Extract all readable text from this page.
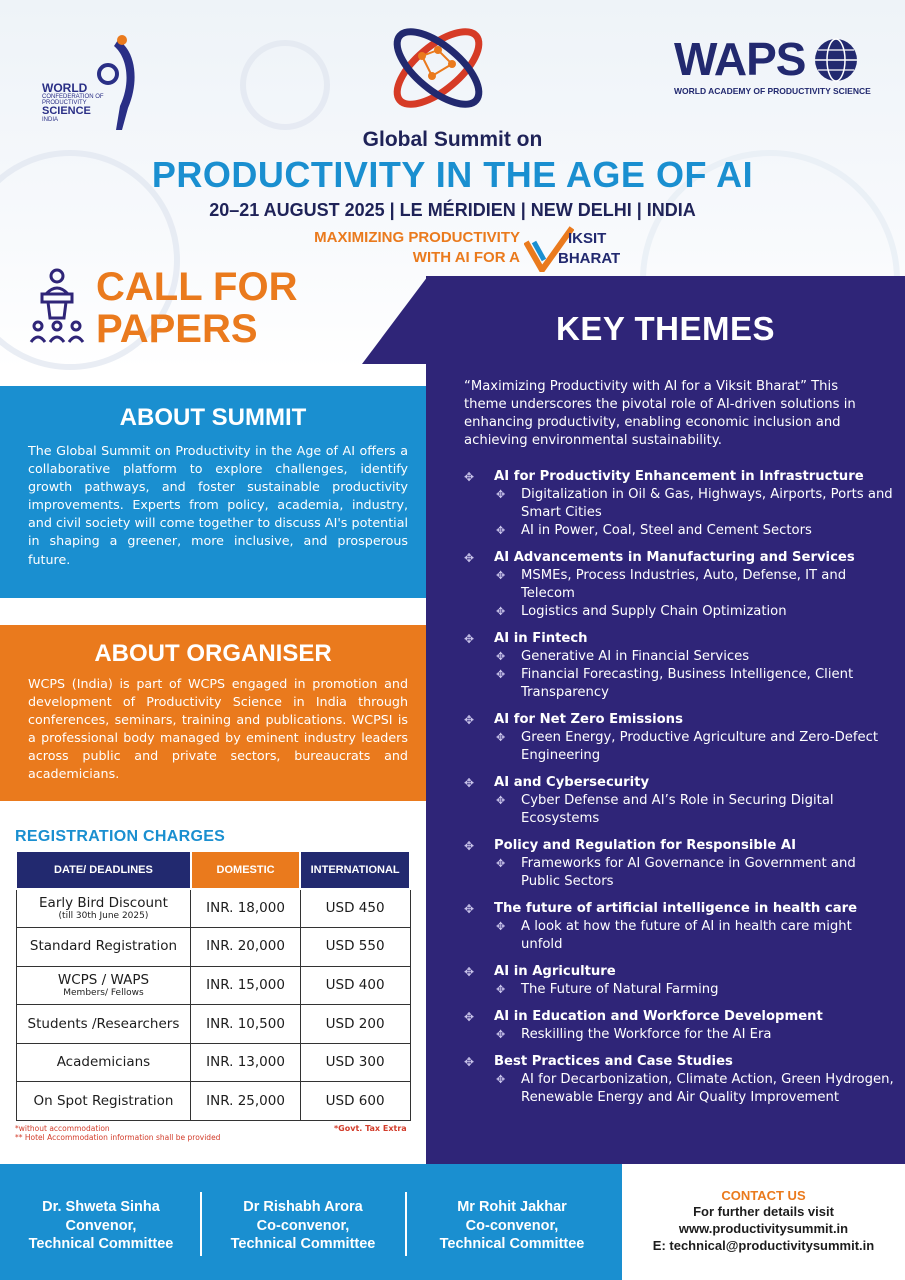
WORLD
CONFEDERATION OF
PRODUCTIVITY
SCIENCE
INDIA
WAPS
WORLD ACADEMY OF PRODUCTIVITY SCIENCE
Global Summit on
PRODUCTIVITY IN THE AGE OF AI
20–21 AUGUST 2025 | LE MÉRIDIEN | NEW DELHI | INDIA
MAXIMIZING PRODUCTIVITY
WITH AI FOR A
IKSIT
BHARAT
CALL FOR
PAPERS	KEY THEMES
“Maximizing Productivity with AI for a Viksit Bharat” This theme underscores the pivotal role of AI-driven solutions in enhancing productivity, enabling economic inclusion and achieving environmental sustainability.
✥ AI for Productivity Enhancement in Infrastructure
✥ Digitalization in Oil & Gas, Highways, Airports, Ports and Smart Cities
✥ AI in Power, Coal, Steel and Cement Sectors
✥ AI Advancements in Manufacturing and Services
✥ MSMEs, Process Industries, Auto, Defense, IT and Telecom
✥ Logistics and Supply Chain Optimization
✥ AI in Fintech
✥ Generative AI in Financial Services
✥ Financial Forecasting, Business Intelligence, Client Transparency
✥ AI for Net Zero Emissions
✥ Green Energy, Productive Agriculture and Zero-Defect Engineering
✥ AI and Cybersecurity
✥ Cyber Defense and AI’s Role in Securing Digital Ecosystems
✥ Policy and Regulation for Responsible AI
✥ Frameworks for AI Governance in Government and Public Sectors
✥ The future of artificial intelligence in health care
✥ A look at how the future of AI in health care might unfold
✥ AI in Agriculture
✥ The Future of Natural Farming
✥ AI in Education and Workforce Development
✥ Reskilling the Workforce for the AI Era
✥ Best Practices and Case Studies
✥ AI for Decarbonization, Climate Action, Green Hydrogen, Renewable Energy and Air Quality Improvement
ABOUT SUMMIT
The Global Summit on Productivity in the Age of AI offers a collaborative platform to explore challenges, identify growth pathways, and foster sustainable productivity improvements. Experts from policy, academia, industry, and civil society will come together to discuss AI's potential in shaping a greener, more inclusive, and prosperous future.
ABOUT ORGANISER
WCPS (India) is part of WCPS engaged in promotion and development of Productivity Science in India through conferences, seminars, training and publications. WCPSI is a professional body managed by eminent industry leaders across public and private sectors, bureaucrats and academicians.
REGISTRATION CHARGES
DATE/ DEADLINES	DOMESTIC	INTERNATIONAL
Early Bird Discount
(till 30th June 2025)	INR. 18,000	USD 450
Standard Registration	INR. 20,000	USD 550
WCPS / WAPS
Members/ Fellows	INR. 15,000	USD 400
Students /Researchers	INR. 10,500	USD 200
Academicians	INR. 13,000	USD 300
On Spot Registration	INR. 25,000	USD 600
*without accommodation
** Hotel Accommodation information shall be provided
*Govt. Tax Extra
Dr. Shweta Sinha
Convenor,
Technical Committee
Dr Rishabh Arora
Co-convenor,
Technical Committee
Mr Rohit Jakhar
Co-convenor,
Technical Committee
CONTACT US
For further details visit
www.productivitysummit.in
E: technical@productivitysummit.in
